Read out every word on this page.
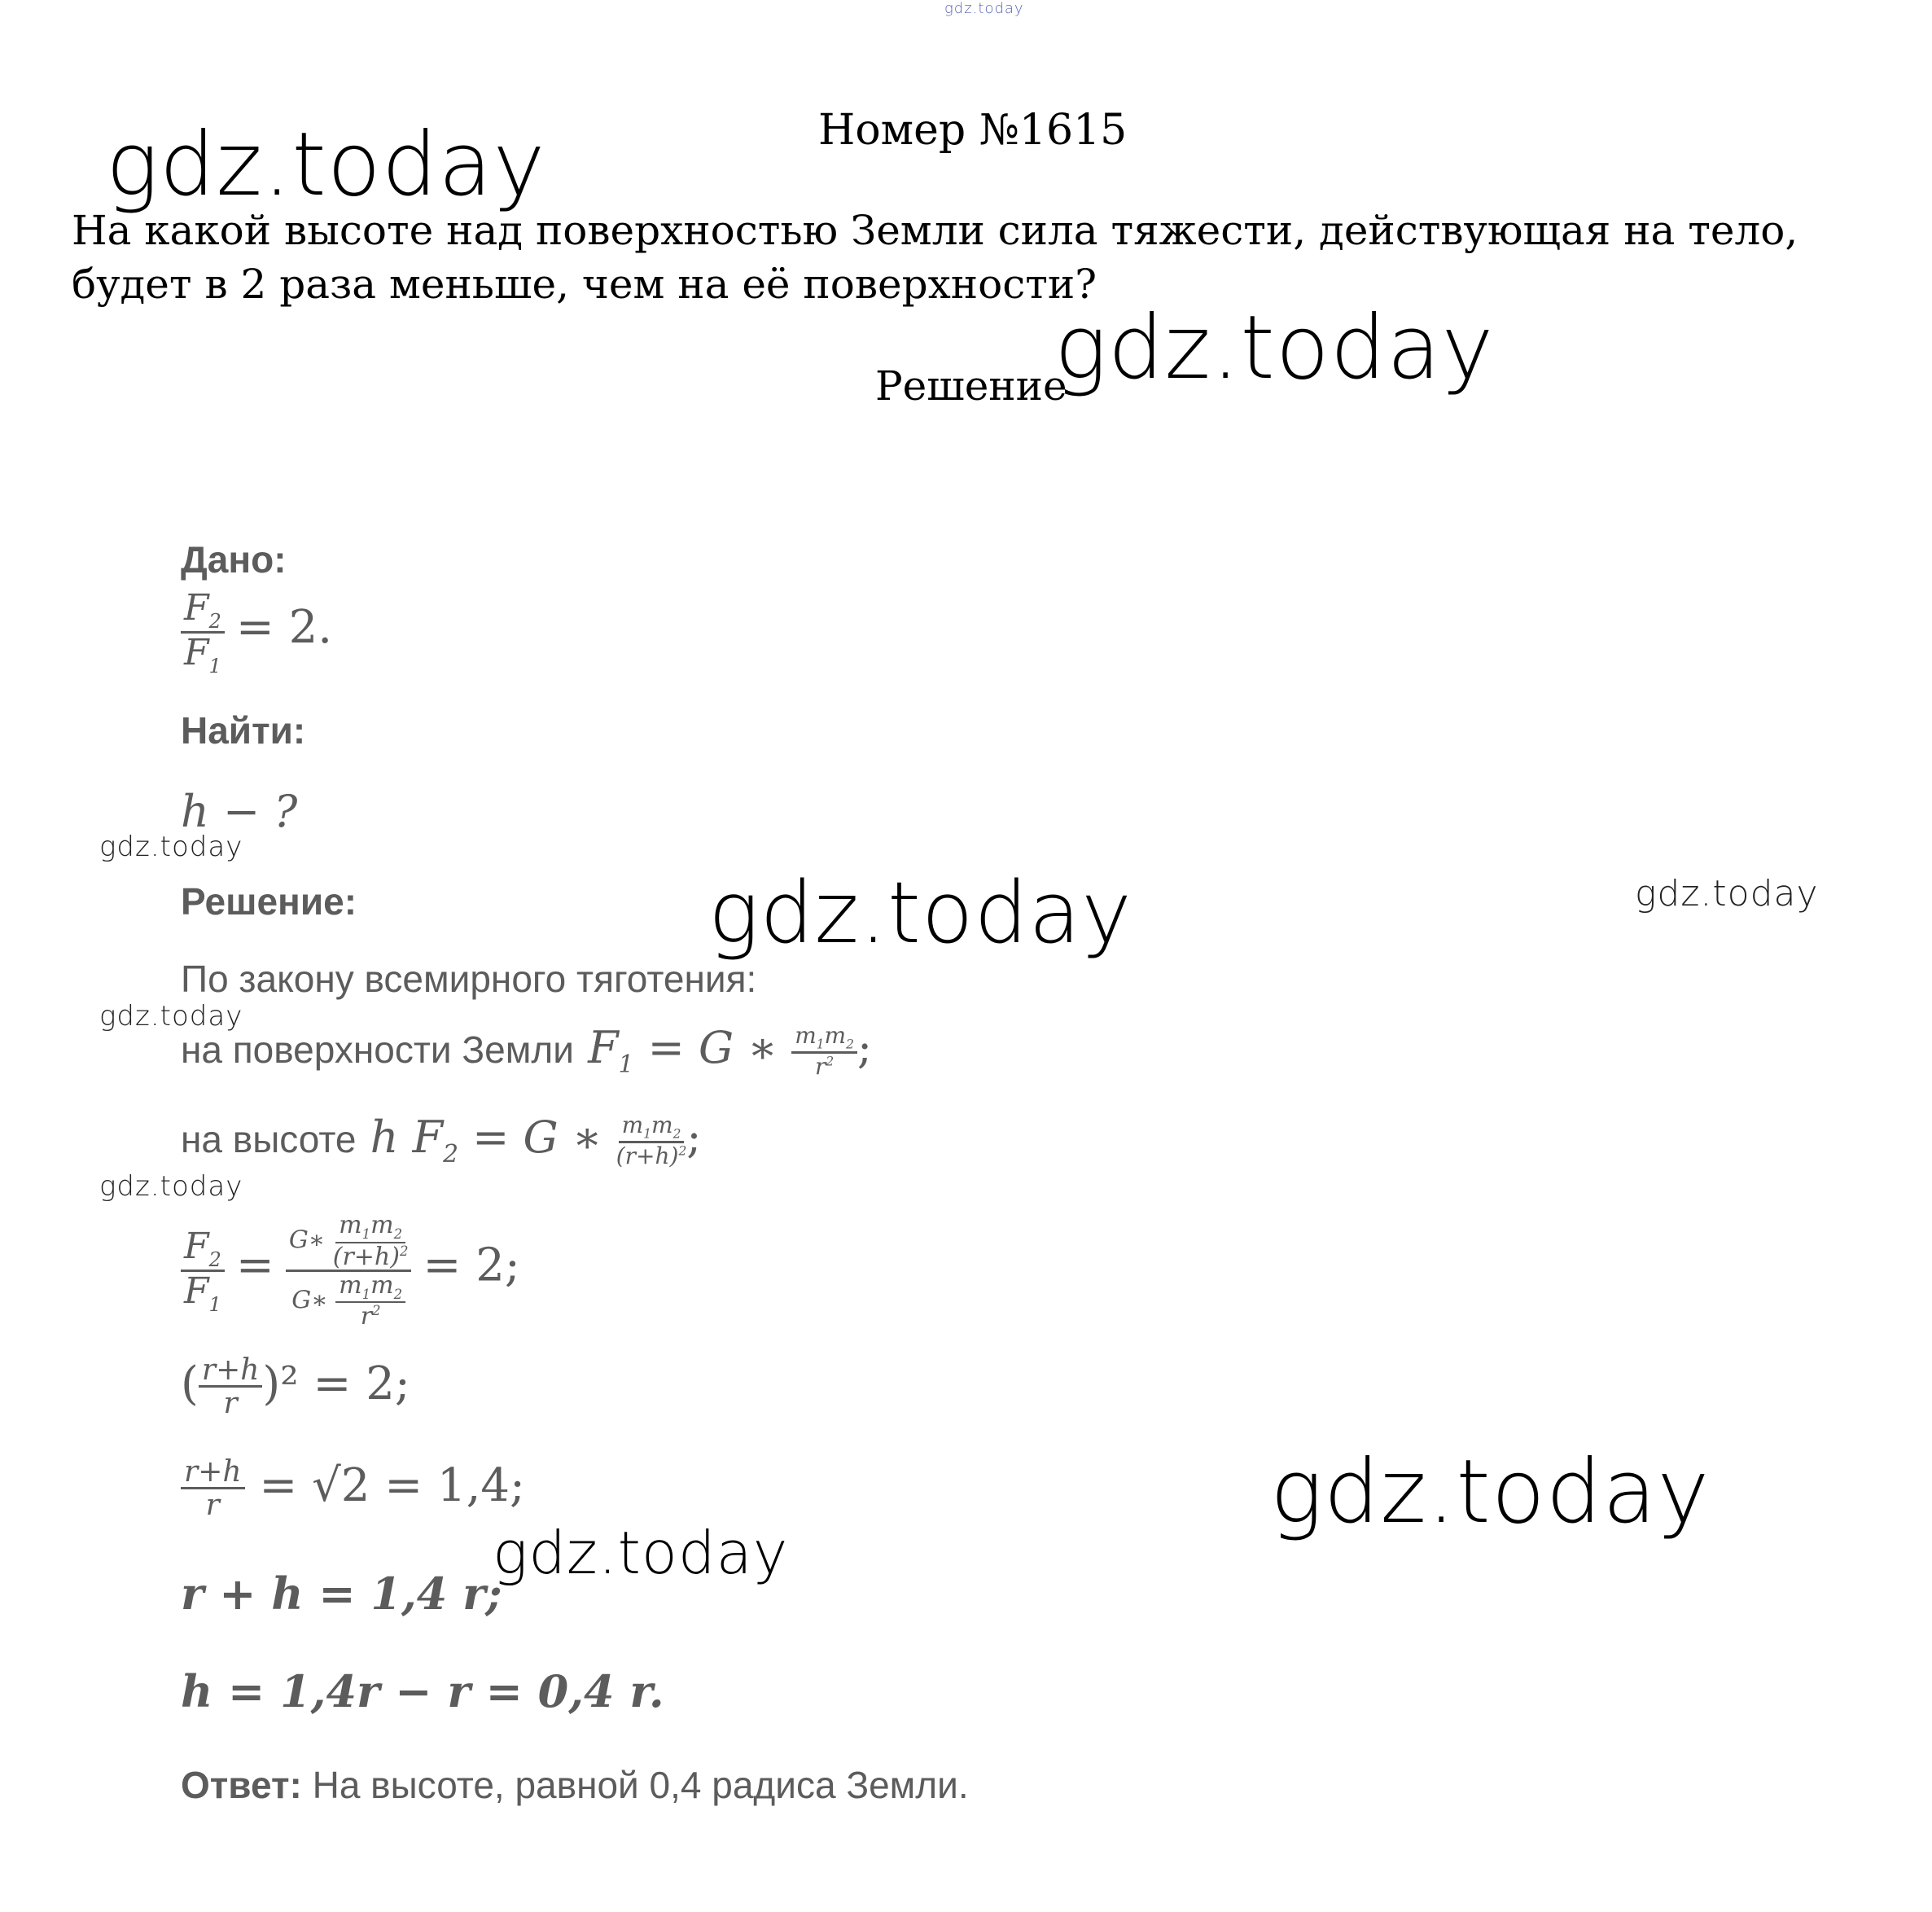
gdz.today
Номер №1615
gdz.today
На какой высоте над поверхностью Земли сила тяжести, действующая на тело, будет в 2 раза меньше, чем на её поверхности?
Решение
gdz.today
Дано:
$\frac{F_2}{F_1} = 2$.
Найти:
h − ?
gdz.today
Решение:	gdz.today	gdz.today
По закону всемирного тяготения:
gdz.today
на поверхности Земли $F_1 = G$ ∗ $\frac{m_1m_2}{r^2}$ ;
на высоте h $F_2 = G$ ∗ $\frac{m_1m_2}{(r+h)^2}$ ;
gdz.today
$\frac{F_2}{F_1} = \frac{G∗ \frac{m_1m_2}{(r+h)^2}}{G∗ \frac{m_1m_2}{r^2}} = 2$;
( $\frac{r+h}{r} )^2 = 2$;
$\frac{r+h}{r} = √2 = 1,4$;
gdz.today
gdz.today
r + h = 1,4 r;
h = 1,4r − r = 0,4 r.
Ответ: На высоте, равной 0,4 радиса Земли.
